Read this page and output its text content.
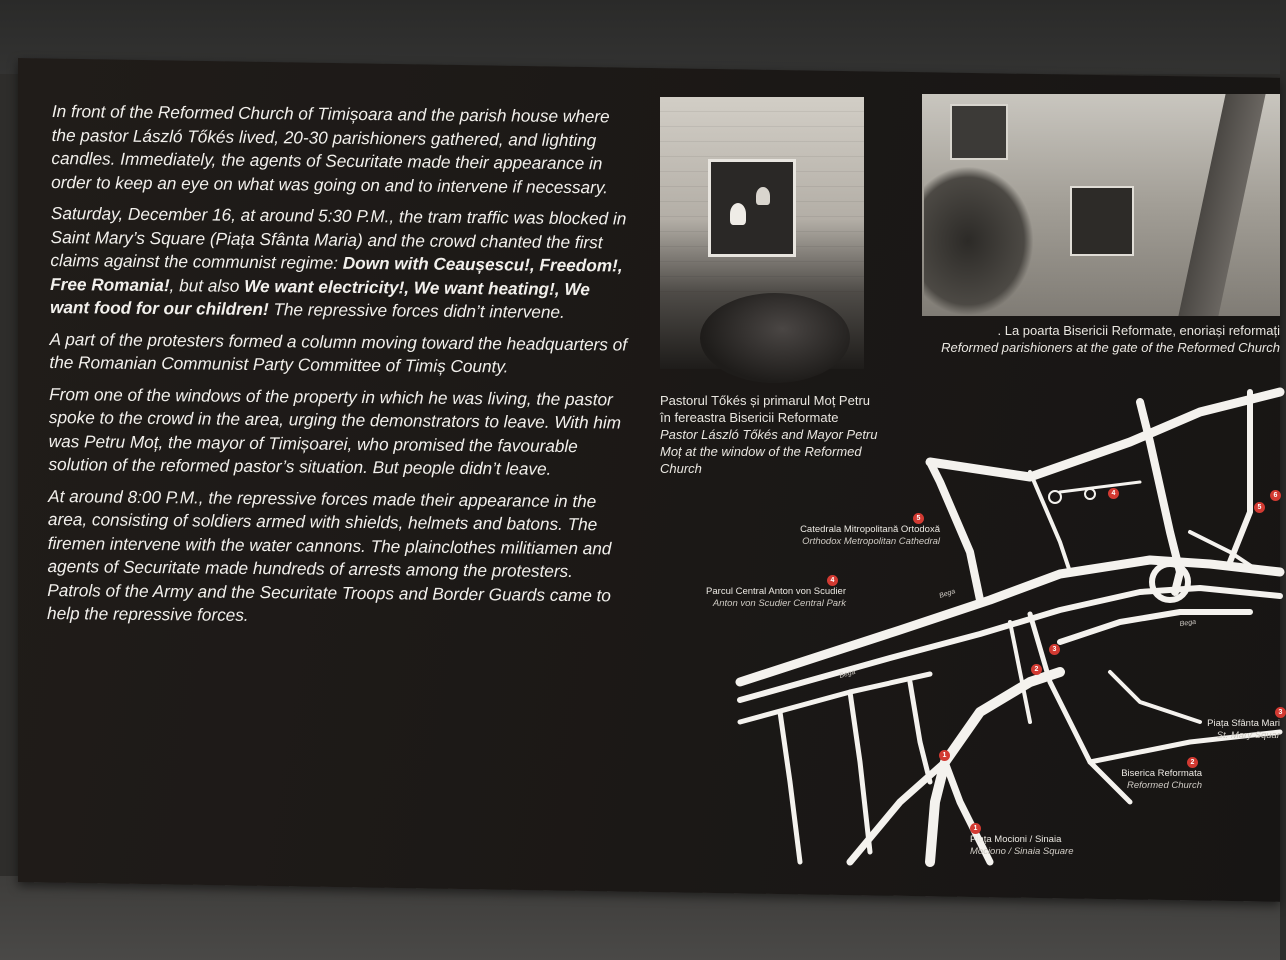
In front of the Reformed Church of Timișoara and the parish house where the pastor László Tőkés lived, 20-30 parishioners gathered, and lighting candles. Immediately, the agents of Securitate made their appearance in order to keep an eye on what was going on and to intervene if necessary.

Saturday, December 16, at around 5:30 P.M., the tram traffic was blocked in Saint Mary’s Square (Piața Sfânta Maria) and the crowd chanted the first claims against the communist regime: Down with Ceaușescu!, Freedom!, Free Romania!, but also We want electricity!, We want heating!, We want food for our children! The repressive forces didn’t intervene.

A part of the protesters formed a column moving toward the headquarters of the Romanian Communist Party Committee of Timiș County.

From one of the windows of the property in which he was living, the pastor spoke to the crowd in the area, urging the demonstrators to leave. With him was Petru Moț, the mayor of Timișoarei, who promised the favourable solution of the reformed pastor’s situation. But people didn’t leave.

At around 8:00 P.M., the repressive forces made their appearance in the area, consisting of soldiers armed with shields, helmets and batons. The firemen intervene with the water cannons. The plainclothes militiamen and agents of Securitate made hundreds of arrests among the protesters. Patrols of the Army and the Securitate Troops and Border Guards came to help the repressive forces.

Pastorul Tőkés și primarul Moț Petru
în fereastra Bisericii Reformate
Pastor László Tőkés and Mayor Petru Moț at the window of the Reformed Church
. La poarta Bisericii Reformate, enoriași reformați
Reformed parishioners at the gate of the Reformed Church
Bega
Bega
Bega
2
3
1
4
5
6
5
Catedrala Mitropolitană Ortodoxă
Orthodox Metropolitan Cathedral
4
Parcul Central Anton von Scudier
Anton von Scudier Central Park
3
Piața Sfânta Mari
St. Mary Squar
2
Biserica Reformata
Reformed Church
1
Piața Mocioni / Sinaia
Mociono / Sinaia Square
